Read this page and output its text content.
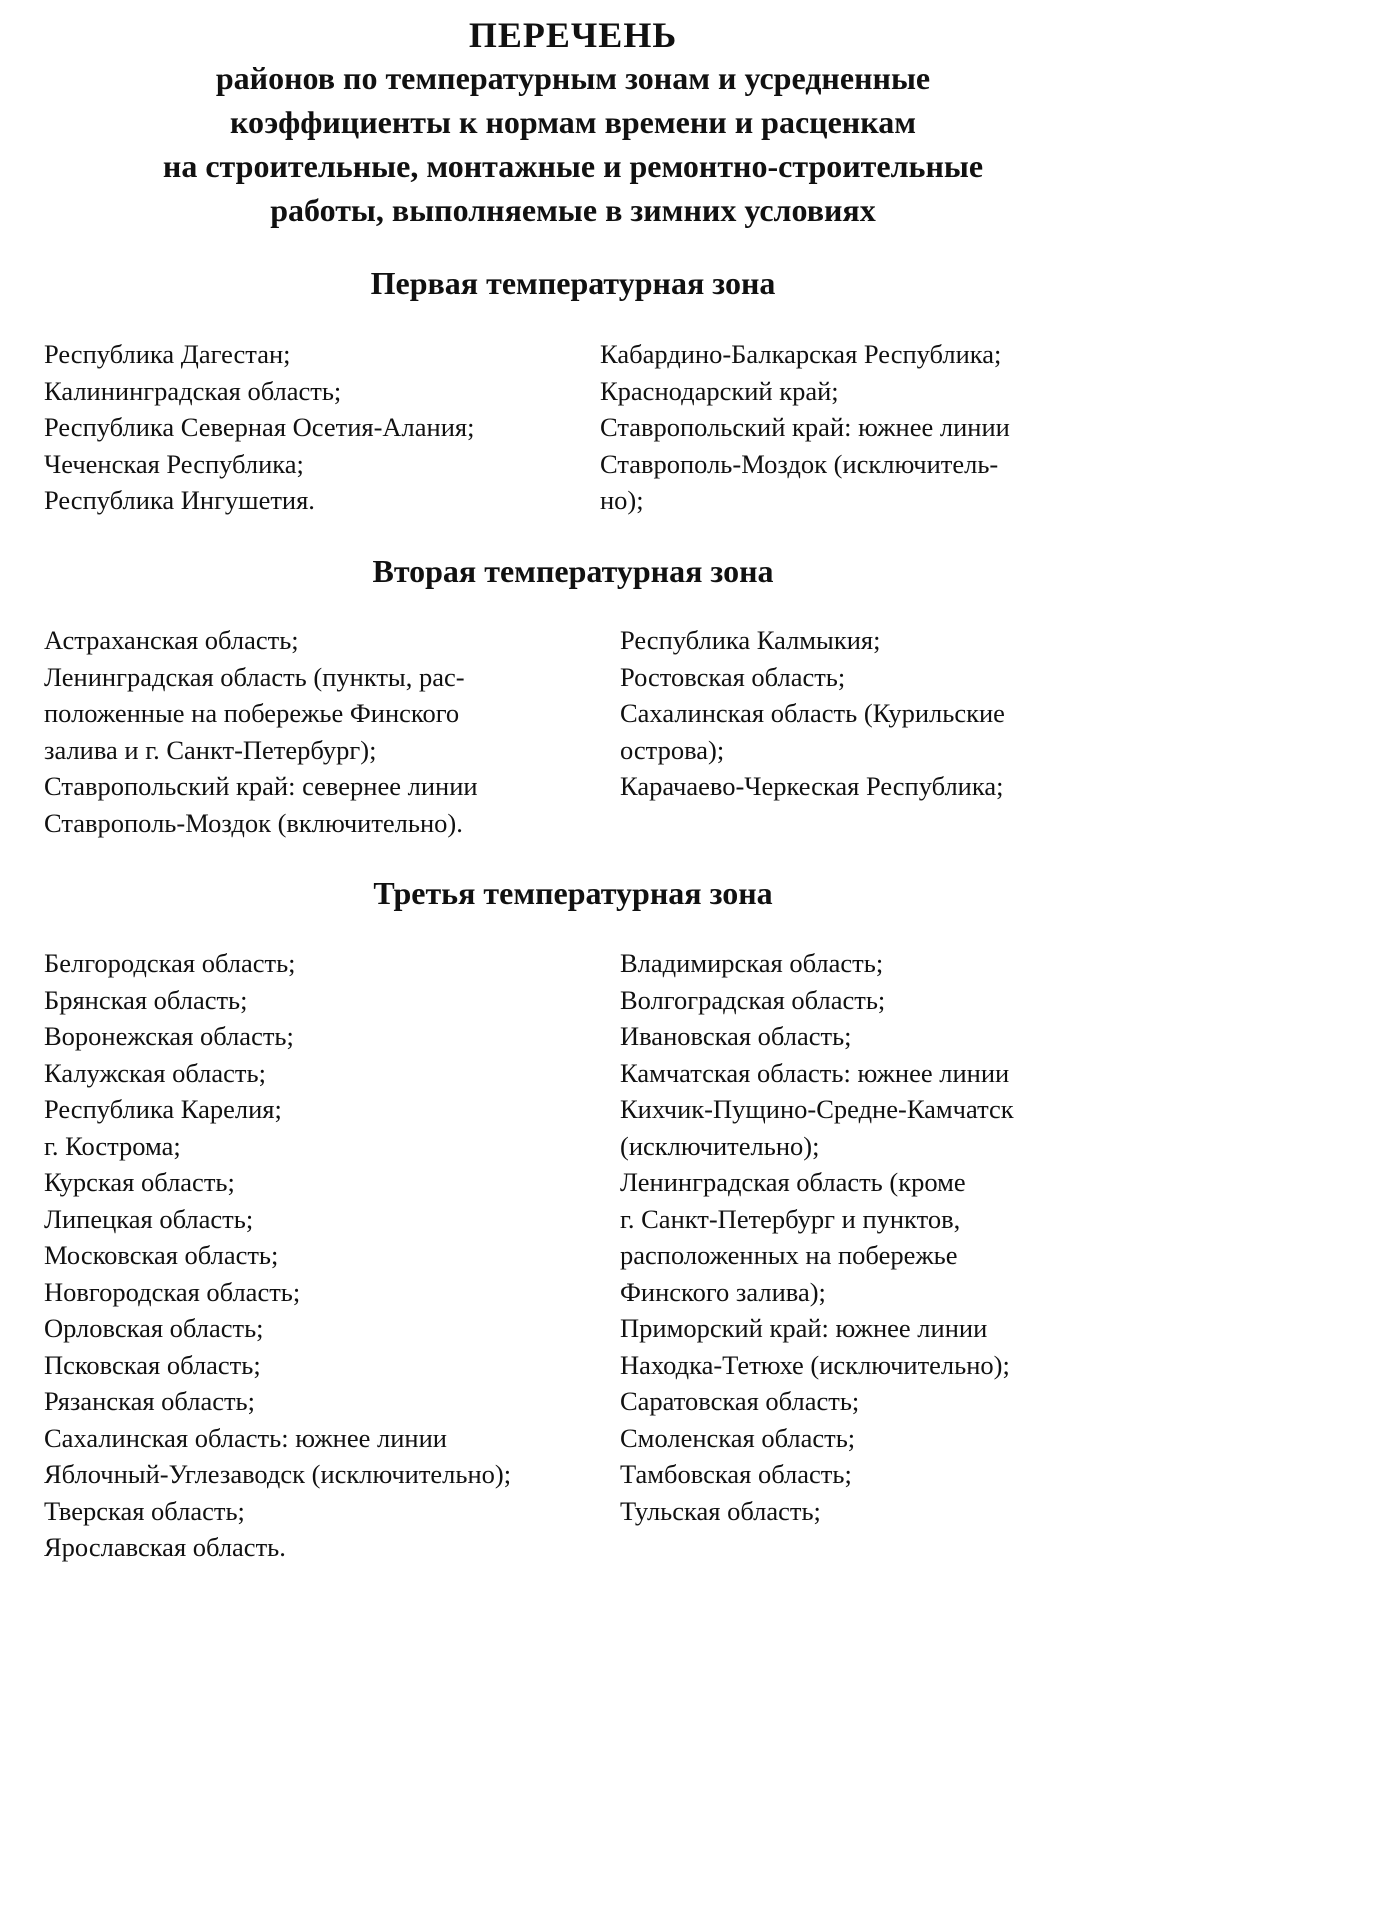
ПЕРЕЧЕНЬ
районов по температурным зонам и усредненные
коэффициенты к нормам времени и расценкам
на строительные, монтажные и ремонтно-строительные
работы, выполняемые в зимних условиях
Первая температурная зона
Республика Дагестан;
Калининградская область;
Республика Северная Осетия-Алания;
Чеченская Республика;
Республика Ингушетия.
Кабардино-Балкарская Республика;
Краснодарский край;
Ставропольский край: южнее линии
Ставрополь-Моздок (исключитель-
но);
Вторая температурная зона
Астраханская область;
Ленинградская область (пункты, рас-
положенные на побережье Финского
залива и г. Санкт-Петербург);
Ставропольский край: севернее линии
Ставрополь-Моздок (включительно).
Республика Калмыкия;
Ростовская область;
Сахалинская область (Курильские
острова);
Карачаево-Черкеская Республика;
Третья температурная зона
Белгородская область;
Брянская область;
Воронежская область;
Калужская область;
Республика Карелия;
г. Кострома;
Курская область;
Липецкая область;
Московская область;
Новгородская область;
Орловская область;
Псковская область;
Рязанская область;
Сахалинская область: южнее линии
Яблочный-Углезаводск (исключительно);
Тверская область;
Ярославская область.
Владимирская область;
Волгоградская область;
Ивановская область;
Камчатская область: южнее линии
Кихчик-Пущино-Средне-Камчатск
(исключительно);
Ленинградская область (кроме
г. Санкт-Петербург и пунктов,
расположенных на побережье
Финского залива);
Приморский край: южнее линии
Находка-Тетюхе (исключительно);
Саратовская область;
Смоленская область;
Тамбовская область;
Тульская область;
